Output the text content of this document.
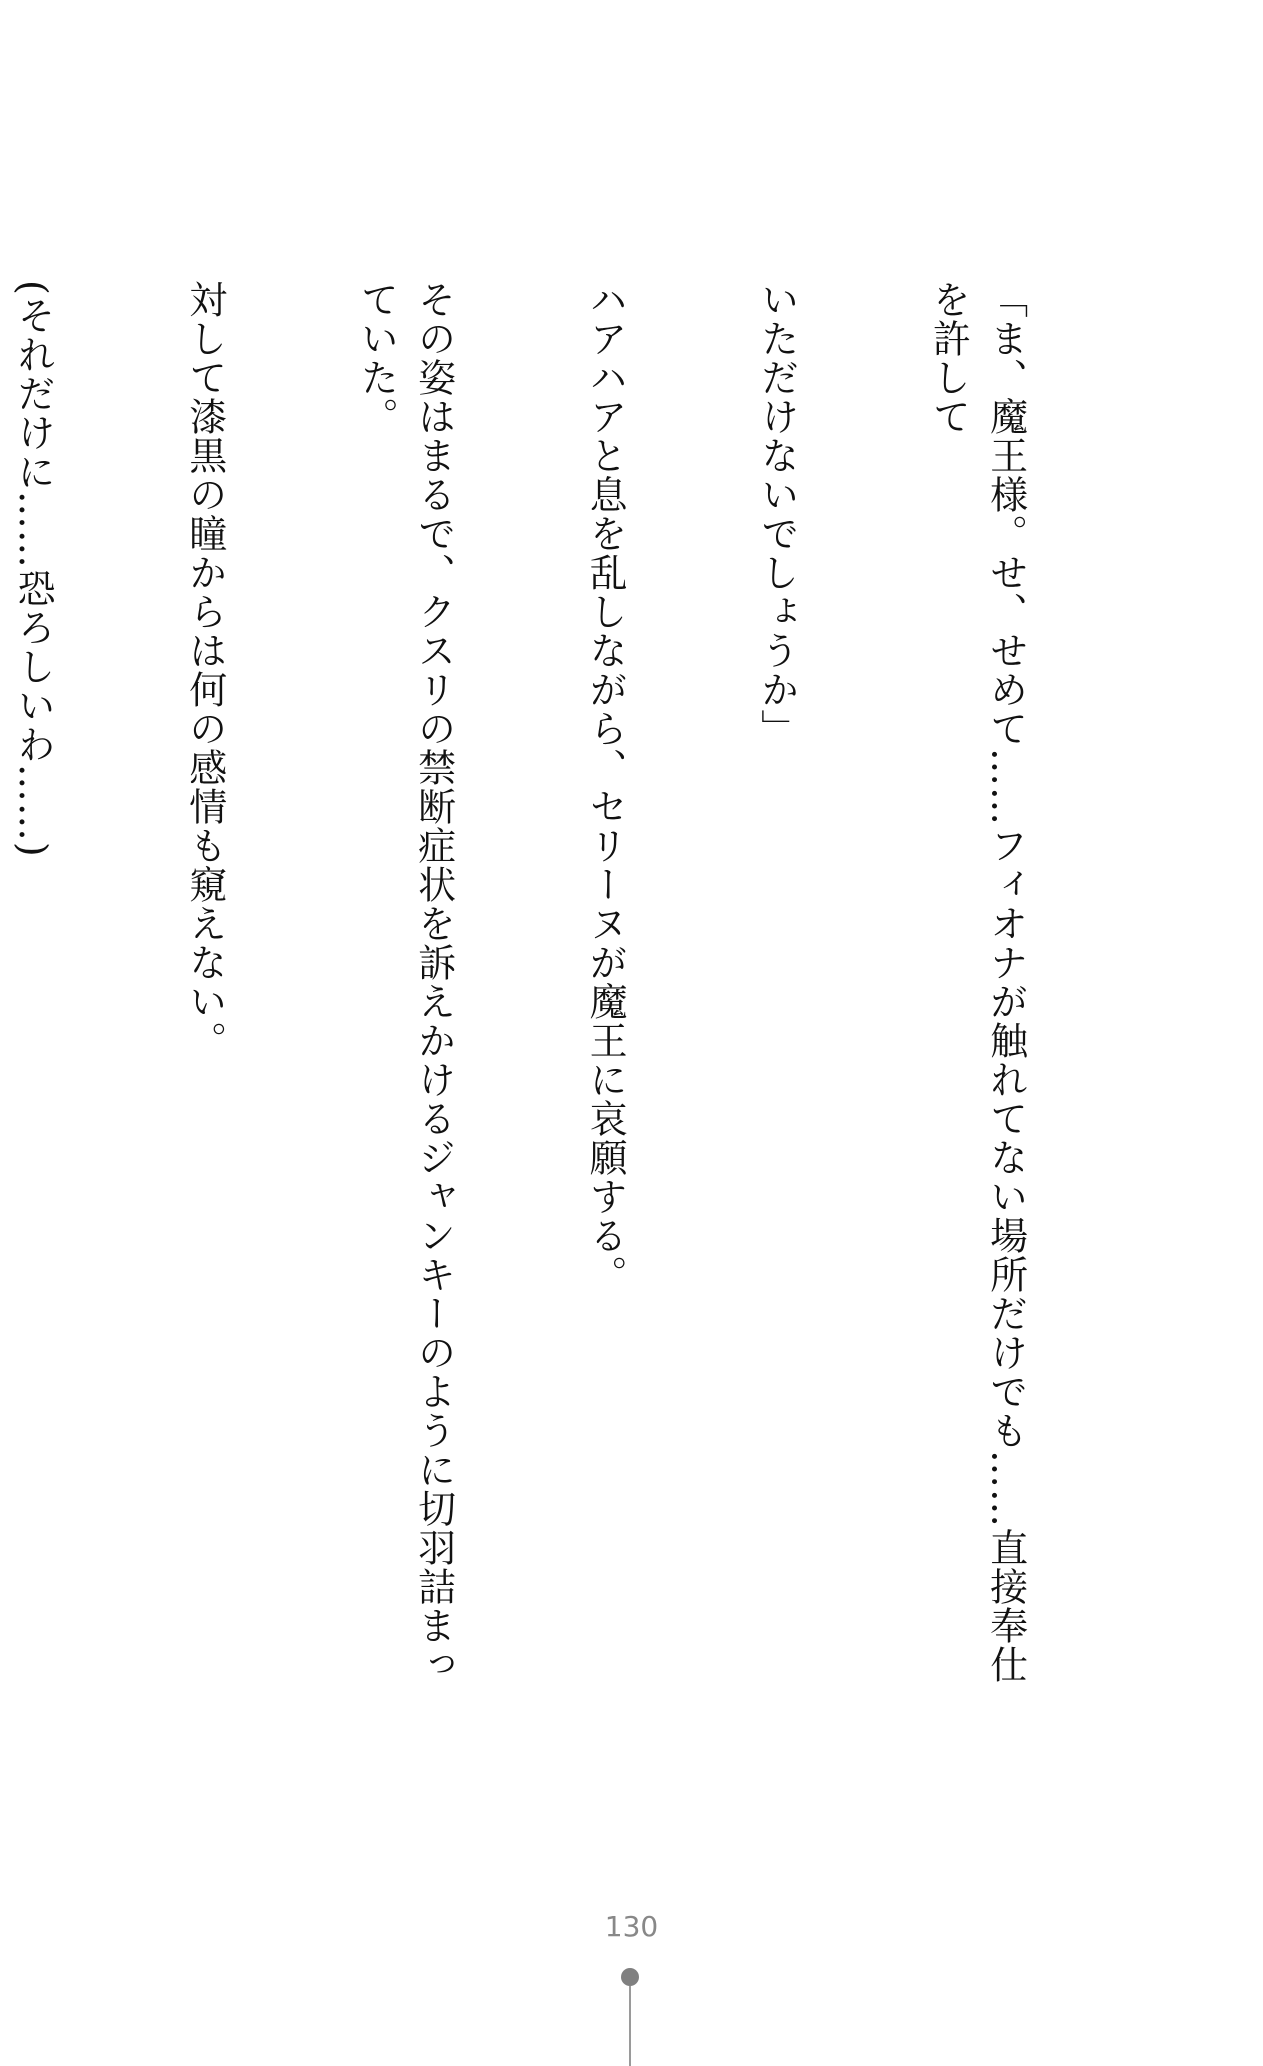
「ま、魔王様。せ、せめて……フィオナが触れてない場所だけでも……直接奉仕を許して

いただけないでしょうか」

ハアハアと息を乱しながら、セリーヌが魔王に哀願する。

その姿はまるで、クスリの禁断症状を訴えかけるジャンキーのように切羽詰まっていた。

対して漆黒の瞳からは何の感情も窺えない。

(それだけに……恐ろしいわ……)

130
